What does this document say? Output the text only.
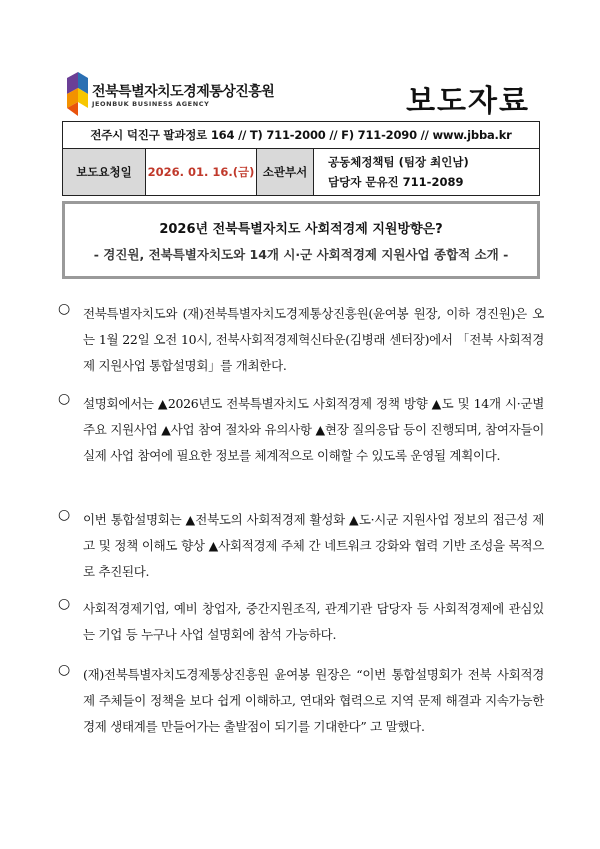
전북특별자치도경제통상진흥원
JEONBUK BUSINESS AGENCY	보도자료
전주시 덕진구 팔과정로 164 // T) 711-2000 // F) 711-2090 // www.jbba.kr
보도요청일	2026. 01. 16.(금)	소관부서	
공동체정책팀 (팀장 최인남)
담당자 문유진 711-2089
2026년 전북특별자치도 사회적경제 지원방향은?
- 경진원, 전북특별자치도와 14개 시·군 사회적경제 지원사업 종합적 소개 -
○ 전북특별자치도와 (재)전북특별자치도경제통상진흥원(윤여봉 원장, 이하 경진원)은 오는 1월 22일 오전 10시, 전북사회적경제혁신타운(김병래 센터장)에서 「전북 사회적경제 지원사업 통합설명회」를 개최한다.
○ 설명회에서는 ▲2026년도 전북특별자치도 사회적경제 정책 방향 ▲도 및 14개 시·군별 주요 지원사업 ▲사업 참여 절차와 유의사항 ▲현장 질의응답 등이 진행되며, 참여자들이 실제 사업 참여에 필요한 정보를 체계적으로 이해할 수 있도록 운영될 계획이다.
○ 이번 통합설명회는 ▲전북도의 사회적경제 활성화 ▲도·시군 지원사업 정보의 접근성 제고 및 정책 이해도 향상 ▲사회적경제 주체 간 네트워크 강화와 협력 기반 조성을 목적으로 추진된다.
○ 사회적경제기업, 예비 창업자, 중간지원조직, 관계기관 담당자 등 사회적경제에 관심있는 기업 등 누구나 사업 설명회에 참석 가능하다.
○ (재)전북특별자치도경제통상진흥원 윤여봉 원장은 “이번 통합설명회가 전북 사회적경제 주체들이 정책을 보다 쉽게 이해하고, 연대와 협력으로 지역 문제 해결과 지속가능한 경제 생태계를 만들어가는 출발점이 되기를 기대한다” 고 말했다.
